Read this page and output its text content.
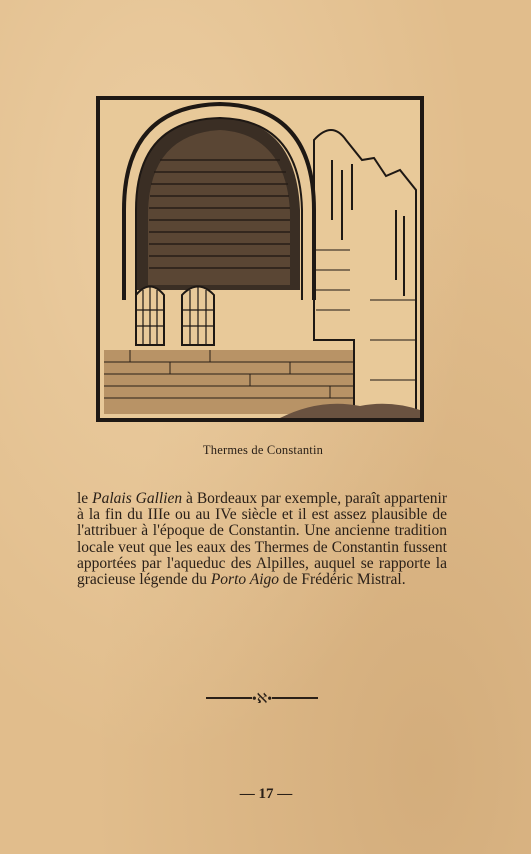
Thermes de Constantin

le Palais Gallien à Bordeaux par exemple, paraît appartenir à la fin du IIIe ou au IVe siècle et il est assez plausible de l'attribuer à l'époque de Constantin. Une ancienne tradition locale veut que les eaux des Thermes de Constantin fussent apportées par l'aqueduc des Alpilles, auquel se rapporte la gracieuse légende du Porto Aigo de Frédéric Mistral.

•ℵ•
— 17 —
